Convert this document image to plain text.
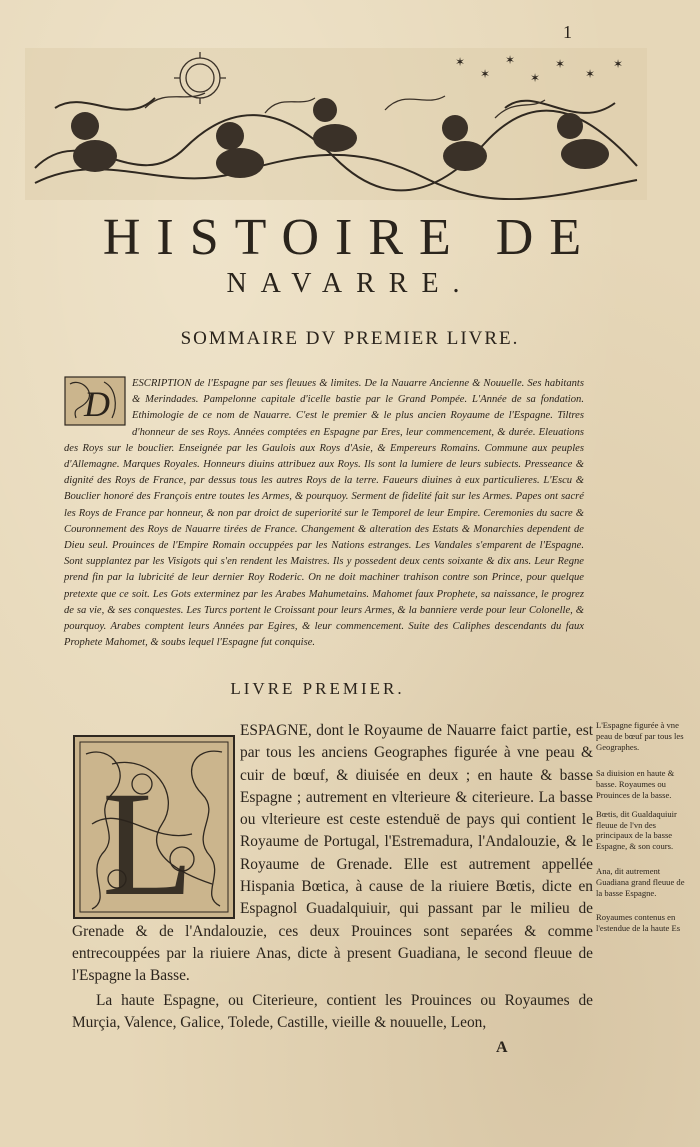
1
✶
✶
✶
✶
✶
✶
✶
HISTOIRE DE
NAVARRE.
SOMMAIRE DV PREMIER LIVRE.
D
ESCRIPTION de l'Espagne par ses fleuues & limites. De la Nauarre Ancienne & Nouuelle. Ses habitants & Merindades. Pampelonne capitale d'icelle bastie par le Grand Pompée. L'Année de sa fondation. Ethimologie de ce nom de Nauarre. C'est le premier & le plus ancien Royaume de l'Espagne. Tiltres d'honneur de ses Roys. Années comptées en Espagne par Eres, leur commencement, & durée. Eleuations des Roys sur le bouclier. Enseignée par les Gaulois aux Roys d'Asie, & Empereurs Romains. Commune aux peuples d'Allemagne. Marques Royales. Honneurs diuins attribuez aux Roys. Ils sont la lumiere de leurs subiects. Presseance & dignité des Roys de France, par dessus tous les autres Roys de la terre. Faueurs diuines à eux particulieres. L'Escu & Bouclier honoré des François entre toutes les Armes, & pourquoy. Serment de fidelité fait sur les Armes. Papes ont sacré les Roys de France par honneur, & non par droict de superiorité sur le Temporel de leur Empire. Ceremonies du sacre & Couronnement des Roys de Nauarre tirées de France. Changement & alteration des Estats & Monarchies dependent de Dieu seul. Prouinces de l'Empire Romain occuppées par les Nations estranges. Les Vandales s'emparent de l'Espagne. Sont supplantez par les Visigots qui s'en rendent les Maistres. Ils y possedent deux cents soixante & dix ans. Leur Regne prend fin par la lubricité de leur dernier Roy Roderic. On ne doit machiner trahison contre son Prince, pour quelque pretexte que ce soit. Les Gots exterminez par les Arabes Mahumetains. Mahomet faux Prophete, sa naissance, le progrez de sa vie, & ses conquestes. Les Turcs portent le Croissant pour leurs Armes, & la banniere verde pour leur Colonelle, & pourquoy. Arabes comptent leurs Années par Egires, & leur commencement. Suite des Caliphes descendants du faux Prophete Mahomet, & soubs lequel l'Espagne fut conquise.
LIVRE PREMIER.
L

ESPAGNE, dont le Royaume de Nauarre faict partie, est par tous les anciens Geographes figurée à vne peau & cuir de bœuf, & diuisée en deux ; en haute & basse Espagne ; autrement en vlterieure & citerieure. La basse ou vlterieure est ceste estenduë de pays qui contient le Royaume de Portugal, l'Estremadura, l'Andalouzie, & le Royaume de Grenade. Elle est autrement appellée Hispania Bœtica, à cause de la riuiere Bœtis, dicte en Espagnol Guadalquiuir, qui passant par le milieu de Grenade & de l'Andalouzie, ces deux Prouinces sont separées & comme entrecouppées par la riuiere Anas, dicte à present Guadiana, le second fleuue de l'Espagne la Basse.

La haute Espagne, ou Citerieure, contient les Prouinces ou Royaumes de Murçia, Valence, Galice, Tolede, Castille, vieille & nouuelle, Leon,

L'Espagne figurée à vne peau de bœuf par tous les Geographes.
Sa diuision en haute & basse. Royaumes ou Prouinces de la basse.
Bœtis, dit Gualdaquiuir fleuue de l'vn des principaux de la basse Espagne, & son cours.
Ana, dit autrement Guadiana grand fleuue de la basse Espagne.
Royaumes contenus en l'estendue de la haute Es
A
